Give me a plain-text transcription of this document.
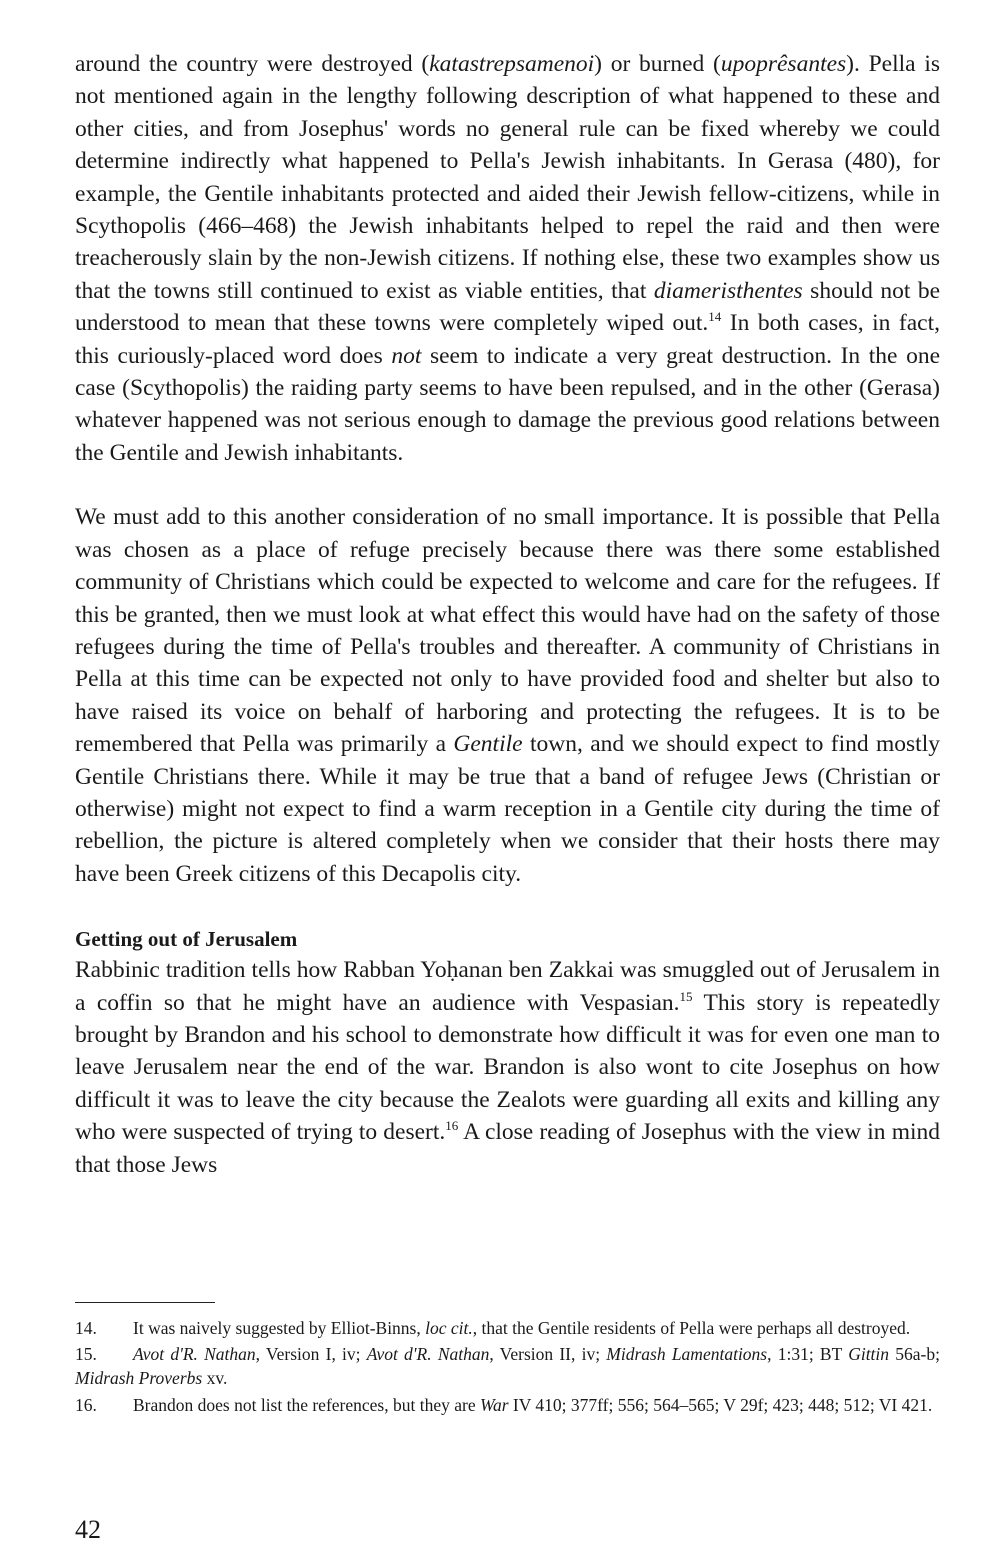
around the country were destroyed (katastrepsamenoi) or burned (upoprêsantes). Pella is not mentioned again in the lengthy following description of what happened to these and other cities, and from Josephus' words no general rule can be fixed whereby we could determine indirectly what happened to Pella's Jewish inhabitants. In Gerasa (480), for example, the Gentile inhabitants protected and aided their Jewish fellow-citizens, while in Scythopolis (466–468) the Jewish inhabitants helped to repel the raid and then were treacherously slain by the non-Jewish citizens. If nothing else, these two examples show us that the towns still continued to exist as viable entities, that diameristhentes should not be understood to mean that these towns were completely wiped out.$^{14}$ In both cases, in fact, this curiously-placed word does not seem to indicate a very great destruction. In the one case (Scythopolis) the raiding party seems to have been repulsed, and in the other (Gerasa) whatever happened was not serious enough to damage the previous good relations between the Gentile and Jewish inhabitants.

We must add to this another consideration of no small importance. It is possible that Pella was chosen as a place of refuge precisely because there was there some established community of Christians which could be expected to welcome and care for the refugees. If this be granted, then we must look at what effect this would have had on the safety of those refugees during the time of Pella's troubles and thereafter. A community of Christians in Pella at this time can be expected not only to have provided food and shelter but also to have raised its voice on behalf of harboring and protecting the refugees. It is to be remembered that Pella was primarily a Gentile town, and we should expect to find mostly Gentile Christians there. While it may be true that a band of refugee Jews (Christian or otherwise) might not expect to find a warm reception in a Gentile city during the time of rebellion, the picture is altered completely when we consider that their hosts there may have been Greek citizens of this Decapolis city.

Getting out of Jerusalem

Rabbinic tradition tells how Rabban Yoḥanan ben Zakkai was smuggled out of Jerusalem in a coffin so that he might have an audience with Vespasian.$^{15}$ This story is repeatedly brought by Brandon and his school to demonstrate how difficult it was for even one man to leave Jerusalem near the end of the war. Brandon is also wont to cite Josephus on how difficult it was to leave the city because the Zealots were guarding all exits and killing any who were suspected of trying to desert.$^{16}$ A close reading of Josephus with the view in mind that those Jews

14. It was naively suggested by Elliot-Binns, loc cit., that the Gentile residents of Pella were perhaps all destroyed.

15. Avot d'R. Nathan, Version I, iv; Avot d'R. Nathan, Version II, iv; Midrash Lamentations, 1:31; BT Gittin 56a-b; Midrash Proverbs xv.

16. Brandon does not list the references, but they are War IV 410; 377ff; 556; 564–565; V 29f; 423; 448; 512; VI 421.

42
